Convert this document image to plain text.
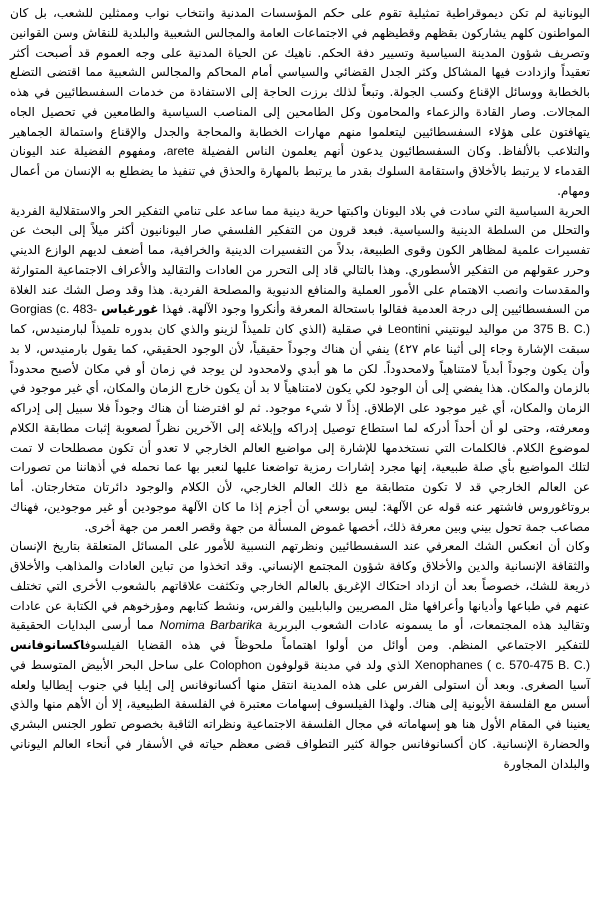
اليونانية لم تكن ديموقراطية تمثيلية تقوم على حكم المؤسسات المدنية وانتخاب نواب وممثلين للشعب، بل كان المواطنون كلهم يشاركون بقظهم وقطيظهم في الاجتماعات العامة والمجالس الشعبية والبلدية للنقاش وسن القوانين وتصريف شؤون المدينة السياسية وتسيير دفة الحكم. ناهيك عن الحياة المدنية على وجه العموم قد أصبحت أكثر تعقيداً وازدادت فيها المشاكل وكثر الجدل القضائي والسياسي أمام المحاكم والمجالس الشعبية مما اقتضى التضلع بالخطابة ووسائل الإقناع وكسب الجولة. وتبعاً لذلك برزت الحاجة إلى الاستفادة من خدمات السفسطائيين في هذه المجالات. وصار القادة والزعماء والمحامون وكل الطامحين إلى المناصب السياسية والطامعين في تحصيل الجاه يتهافتون على هؤلاء السفسطائيين ليتعلموا منهم مهارات الخطابة والمحاجة والجدل والإقناع واستمالة الجماهير والتلاعب بالألفاظ. وكان السفسطائيون يدعون أنهم يعلمون الناس الفضيلة arete، ومفهوم الفضيلة عند اليونان القدماء لا يرتبط بالأخلاق واستقامة السلوك بقدر ما يرتبط بالمهارة والحذق في تنفيذ ما يضطلع به الإنسان من أعمال ومهام.

الحرية السياسية التي سادت في بلاد اليونان واكبتها حرية دينية مما ساعد على تنامي التفكير الحر والاستقلالية الفردية والتحلل من السلطة الدينية والسياسية. فبعد قرون من التفكير الفلسفي صار اليونانيون أكثر ميلاً إلى البحث عن تفسيرات علمية لمظاهر الكون وقوى الطبيعة، بدلاً من التفسيرات الدينية والخرافية، مما أضعف لديهم الوازع الديني وحرر عقولهم من التفكير الأسطوري. وهذا بالتالي قاد إلى التحرر من العادات والتقاليد والأعراف الاجتماعية المتوارثة والمقدسات وانصب الاهتمام على الأمور العملية والمنافع الدنيوية والمصلحة الفردية. هذا وقد وصل الشك عند الغلاة من السفسطائيين إلى درجة العدمية فقالوا باستحالة المعرفة وأنكروا وجود الآلهة. فهذا غورغياس Gorgias (c. 483-375 B. C.) من مواليد ليونتيني Leontini في صقلية (الذي كان تلميذاً لزينو والذي كان بدوره تلميذاً لبارمنيدس، كما سبقت الإشارة وجاء إلى أثينا عام ٤٢٧) ينفي أن هناك وجوداً حقيقياً، لأن الوجود الحقيقي، كما يقول بارمنيدس، لا بد وأن يكون وجوداً أبدياً لامتناهياً ولامحدوداً. لكن ما هو أبدي ولامحدود لن يوجد في زمان أو في مكان لأصبح محدوداً بالزمان والمكان. هذا يفضي إلى أن الوجود لكي يكون لامتناهياً لا بد أن يكون خارج الزمان والمكان، أي غير موجود في الزمان والمكان، أي غير موجود على الإطلاق. إذاً لا شيء موجود. ثم لو افترضنا أن هناك وجوداً فلا سبيل إلى إدراكه ومعرفته، وحتى لو أن أحداً أدركه لما استطاع توصيل إدراكه وإبلاغه إلى الآخرين نظراً لصعوبة إثبات مطابقة الكلام لموضوع الكلام. فالكلمات التي نستخدمها للإشارة إلى مواضيع العالم الخارجي لا تعدو أن تكون مصطلحات لا تمت لتلك المواضيع بأي صلة طبيعية، إنها مجرد إشارات رمزية تواضعنا عليها لنعبر بها عما نحمله في أذهاننا من تصورات عن العالم الخارجي قد لا تكون متطابقة مع ذلك العالم الخارجي، لأن الكلام والوجود دائرتان متخارجتان. أما بروتاغوروس فاشتهر عنه قوله عن الآلهة: ليس بوسعي أن أجزم إذا ما كان الآلهة موجودين أو غير موجودين، فهناك مصاعب جمة تحول بيني وبين معرفة ذلك، أخصها غموض المسألة من جهة وقصر العمر من جهة أخرى.

وكان أن انعكس الشك المعرفي عند السفسطائيين ونظرتهم النسبية للأمور على المسائل المتعلقة بتاريخ الإنسان والثقافة الإنسانية والدين والأخلاق وكافة شؤون المجتمع الإنساني. وقد اتخذوا من تباين العادات والمذاهب والأخلاق ذريعة للشك، خصوصاً بعد أن ازداد احتكاك الإغريق بالعالم الخارجي وتكثفت علاقاتهم بالشعوب الأخرى التي تختلف عنهم في طباعها وأديانها وأعرافها مثل المصريين والبابليين والفرس، ونشط كتابهم ومؤرخوهم في الكتابة عن عادات وتقاليد هذه المجتمعات، أو ما يسمونه عادات الشعوب البربرية Nomima Barbarika مما أرسى البدايات الحقيقية للتفكير الاجتماعي المنظم. ومن أوائل من أولوا اهتماماً ملحوظاً في هذه القضايا الفيلسوفاكسانوفانس Xenophanes ( c. 570-475 B. C.) الذي ولد في مدينة قولوفون Colophon على ساحل البحر الأبيض المتوسط في آسيا الصغرى. وبعد أن استولى الفرس على هذه المدينة انتقل منها أكسانوفانس إلى إيليا في جنوب إيطاليا ولعله أسس مع الفلسفة الأيونية إلى هناك. ولهذا الفيلسوف إسهامات معتبرة في الفلسفة الطبيعية، إلا أن الأهم منها والذي يعنينا في المقام الأول هنا هو إسهاماته في مجال الفلسفة الاجتماعية ونظراته الثاقبة بخصوص تطور الجنس البشري والحضارة الإنسانية. كان أكسانوفانس جوالة كثير التطواف قضى معظم حياته في الأسفار في أنحاء العالم اليوناني والبلدان المجاورة
